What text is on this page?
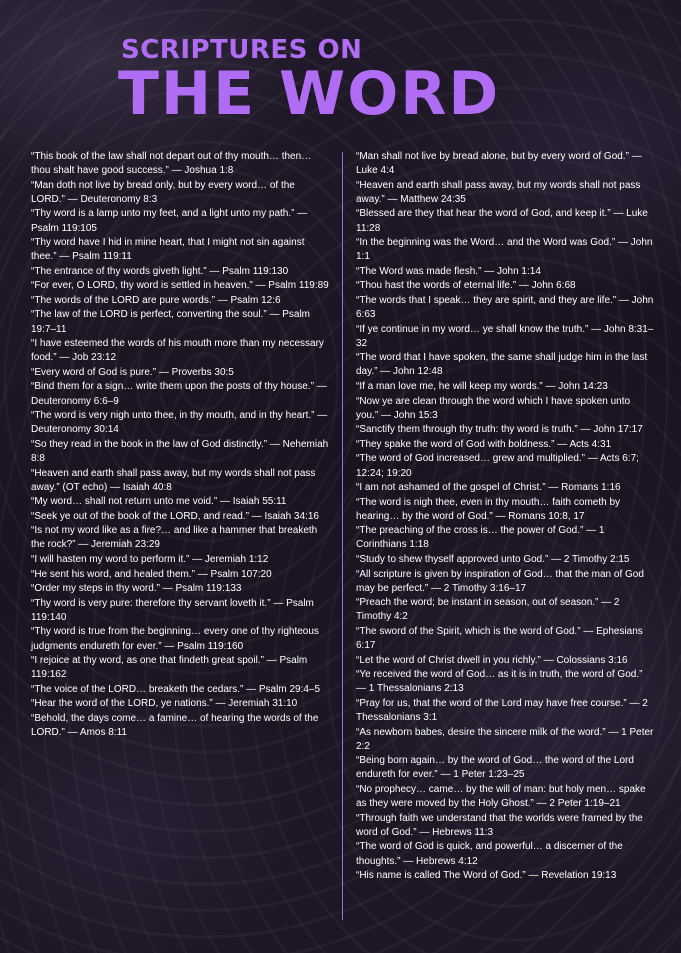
SCRIPTURES ON
THE WORD

“This book of the law shall not depart out of thy mouth… then… thou shalt have good success.” — Joshua 1:8

“Man doth not live by bread only, but by every word… of the LORD.” — Deuteronomy 8:3

“Thy word is a lamp unto my feet, and a light unto my path.” — Psalm 119:105

“Thy word have I hid in mine heart, that I might not sin against thee.” — Psalm 119:11

“The entrance of thy words giveth light.” — Psalm 119:130

“For ever, O LORD, thy word is settled in heaven.” — Psalm 119:89

“The words of the LORD are pure words.” — Psalm 12:6

“The law of the LORD is perfect, converting the soul.” — Psalm 19:7–11

“I have esteemed the words of his mouth more than my necessary food.” — Job 23:12

“Every word of God is pure.” — Proverbs 30:5

“Bind them for a sign… write them upon the posts of thy house.” — Deuteronomy 6:6–9

“The word is very nigh unto thee, in thy mouth, and in thy heart.” — Deuteronomy 30:14

“So they read in the book in the law of God distinctly.” — Nehemiah 8:8

“Heaven and earth shall pass away, but my words shall not pass away.” (OT echo) — Isaiah 40:8

“My word… shall not return unto me void.” — Isaiah 55:11

“Seek ye out of the book of the LORD, and read.” — Isaiah 34:16

“Is not my word like as a fire?… and like a hammer that breaketh the rock?” — Jeremiah 23:29

“I will hasten my word to perform it.” — Jeremiah 1:12

“He sent his word, and healed them.” — Psalm 107:20

“Order my steps in thy word.” — Psalm 119:133

“Thy word is very pure: therefore thy servant loveth it.” — Psalm 119:140

“Thy word is true from the beginning… every one of thy righteous judgments endureth for ever.” — Psalm 119:160

“I rejoice at thy word, as one that findeth great spoil.” — Psalm 119:162

“The voice of the LORD… breaketh the cedars.” — Psalm 29:4–5

“Hear the word of the LORD, ye nations.” — Jeremiah 31:10

“Behold, the days come… a famine… of hearing the words of the LORD.” — Amos 8:11

“Man shall not live by bread alone, but by every word of God.” — Luke 4:4

“Heaven and earth shall pass away, but my words shall not pass away.” — Matthew 24:35

“Blessed are they that hear the word of God, and keep it.” — Luke 11:28

“In the beginning was the Word… and the Word was God.” — John 1:1

“The Word was made flesh.” — John 1:14

“Thou hast the words of eternal life.” — John 6:68

“The words that I speak… they are spirit, and they are life.” — John 6:63

“If ye continue in my word… ye shall know the truth.” — John 8:31–32

“The word that I have spoken, the same shall judge him in the last day.” — John 12:48

“If a man love me, he will keep my words.” — John 14:23

“Now ye are clean through the word which I have spoken unto you.” — John 15:3

“Sanctify them through thy truth: thy word is truth.” — John 17:17

“They spake the word of God with boldness.” — Acts 4:31

“The word of God increased… grew and multiplied.” — Acts 6:7; 12:24; 19:20

“I am not ashamed of the gospel of Christ.” — Romans 1:16

“The word is nigh thee, even in thy mouth… faith cometh by hearing… by the word of God.” — Romans 10:8, 17

“The preaching of the cross is… the power of God.” — 1 Corinthians 1:18

“Study to shew thyself approved unto God.” — 2 Timothy 2:15

“All scripture is given by inspiration of God… that the man of God may be perfect.” — 2 Timothy 3:16–17

“Preach the word; be instant in season, out of season.” — 2 Timothy 4:2

“The sword of the Spirit, which is the word of God.” — Ephesians 6:17

“Let the word of Christ dwell in you richly.” — Colossians 3:16

“Ye received the word of God… as it is in truth, the word of God.” — 1 Thessalonians 2:13

“Pray for us, that the word of the Lord may have free course.” — 2 Thessalonians 3:1

“As newborn babes, desire the sincere milk of the word.” — 1 Peter 2:2

“Being born again… by the word of God… the word of the Lord endureth for ever.” — 1 Peter 1:23–25

“No prophecy… came… by the will of man: but holy men… spake as they were moved by the Holy Ghost.” — 2 Peter 1:19–21

“Through faith we understand that the worlds were framed by the word of God.” — Hebrews 11:3

“The word of God is quick, and powerful… a discerner of the thoughts.” — Hebrews 4:12

“His name is called The Word of God.” — Revelation 19:13
